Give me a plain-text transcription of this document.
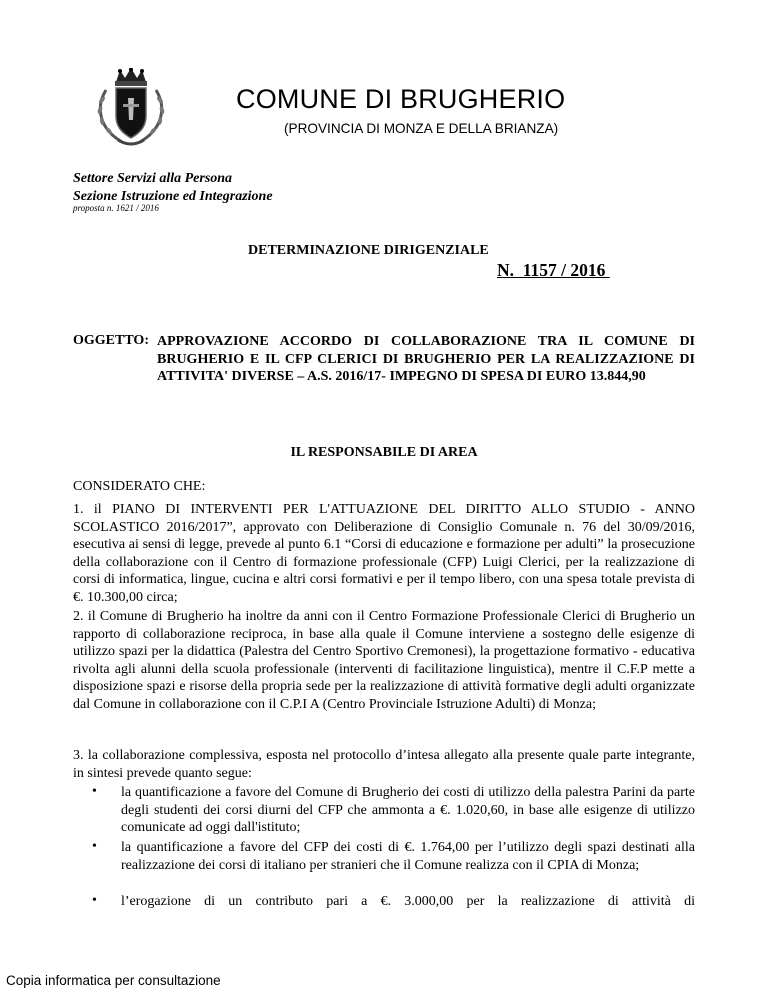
COMUNE DI BRUGHERIO
(PROVINCIA DI MONZA E DELLA BRIANZA)
Settore Servizi alla Persona
Sezione Istruzione ed Integrazione
proposta n. 1621 / 2016
DETERMINAZIONE DIRIGENZIALE
N.  1157 / 2016
OGGETTO: APPROVAZIONE ACCORDO DI COLLABORAZIONE TRA IL COMUNE DI BRUGHERIO E IL CFP CLERICI DI BRUGHERIO PER LA REALIZZAZIONE DI ATTIVITA' DIVERSE – A.S. 2016/17- IMPEGNO DI SPESA DI EURO 13.844,90
IL RESPONSABILE DI AREA
CONSIDERATO CHE:
1. il PIANO DI INTERVENTI PER L'ATTUAZIONE DEL DIRITTO ALLO STUDIO - ANNO SCOLASTICO 2016/2017”, approvato con Deliberazione di Consiglio Comunale n. 76 del 30/09/2016, esecutiva ai sensi di legge, prevede al punto 6.1 “Corsi di educazione e formazione per adulti” la prosecuzione della collaborazione con il Centro di formazione professionale (CFP) Luigi Clerici, per la realizzazione di corsi di informatica, lingue, cucina e altri corsi formativi e per il tempo libero, con una spesa totale prevista di €. 10.300,00 circa;
2. il Comune di Brugherio ha inoltre da anni con il Centro Formazione Professionale Clerici di Brugherio un rapporto di collaborazione reciproca, in base alla quale il Comune interviene a sostegno delle esigenze di utilizzo spazi per la didattica (Palestra del Centro Sportivo Cremonesi), la progettazione formativo - educativa rivolta agli alunni della scuola professionale (interventi di facilitazione linguistica), mentre il C.F.P mette a disposizione spazi e risorse della propria sede per la realizzazione di attività formative degli adulti organizzate dal Comune in collaborazione con il C.P.I A (Centro Provinciale Istruzione Adulti) di Monza;
3. la collaborazione complessiva, esposta nel protocollo d’intesa allegato alla presente quale parte integrante, in sintesi prevede quanto segue:
• la quantificazione a favore del Comune di Brugherio dei costi di utilizzo della palestra Parini da parte degli studenti dei corsi diurni del CFP che ammonta a €. 1.020,60, in base alle esigenze di utilizzo comunicate ad oggi dall'istituto;
• la quantificazione a favore del CFP dei costi di €. 1.764,00 per l’utilizzo degli spazi destinati alla realizzazione dei corsi di italiano per stranieri che il Comune realizza con il CPIA di Monza;
• l’erogazione di un contributo pari a €. 3.000,00 per la realizzazione di attività di
Copia informatica per consultazione
